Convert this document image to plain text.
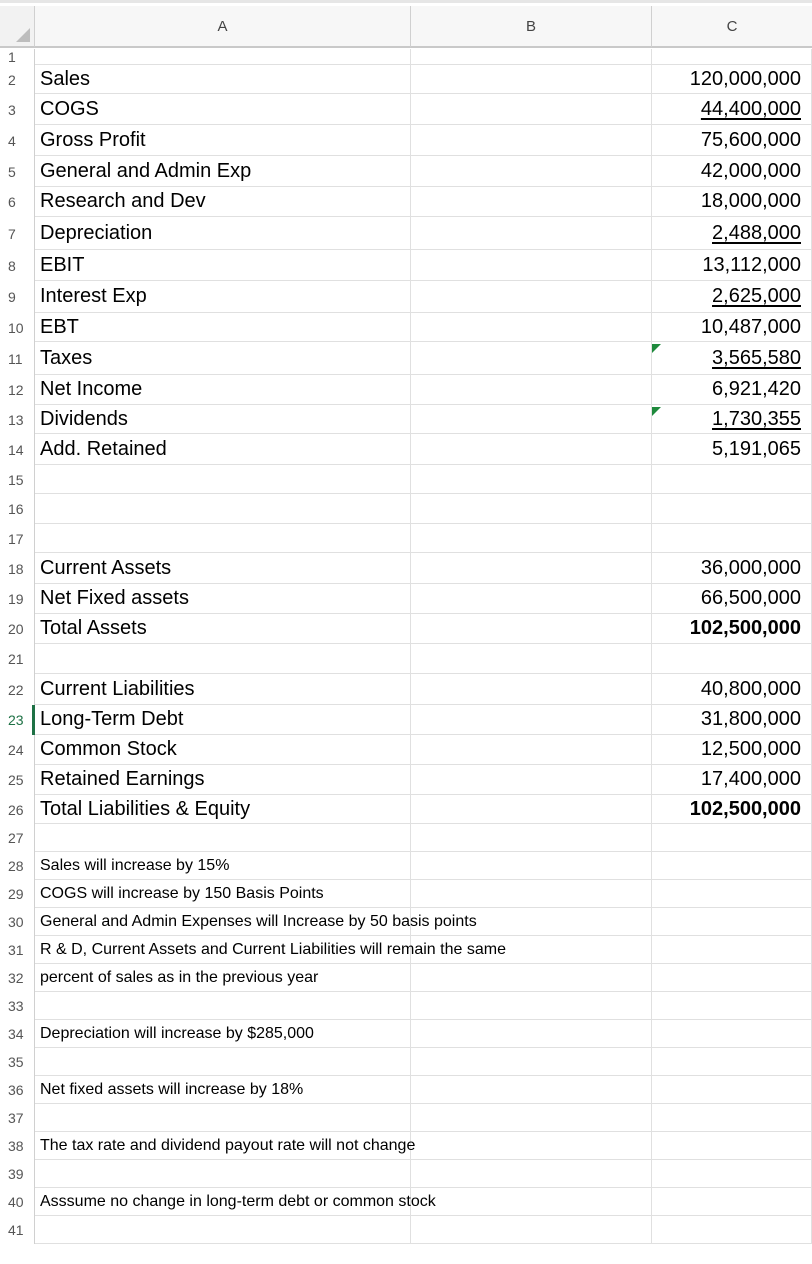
A	B	C
1
2	Sales	120,000,000
3	COGS	44,400,000
4	Gross Profit	75,600,000
5	General and Admin Exp	42,000,000
6	Research and Dev	18,000,000
7	Depreciation	2,488,000
8	EBIT	13,112,000
9	Interest Exp	2,625,000
10 EBT	10,487,000
11 Taxes	3,565,580
12 Net Income	6,921,420
13 Dividends	1,730,355
14 Add. Retained	5,191,065
15
16
17
18 Current Assets	36,000,000
19 Net Fixed assets	66,500,000
20 Total Assets	102,500,000
21
22 Current Liabilities	40,800,000
23 Long-Term Debt	31,800,000
24 Common Stock	12,500,000
25 Retained Earnings	17,400,000
26 Total Liabilities & Equity	102,500,000
27
28	Sales will increase by 15%
29	COGS will increase by 150 Basis Points
30	General and Admin Expenses will Increase by 50 basis points
31	R & D, Current Assets and Current Liabilities will remain the same
32	percent of sales as in the previous year
33
34	Depreciation will increase by $285,000
35
36	Net fixed assets will increase by 18%
37
38	The tax rate and dividend payout rate will not change
39
40	Asssume no change in long-term debt or common stock
41
